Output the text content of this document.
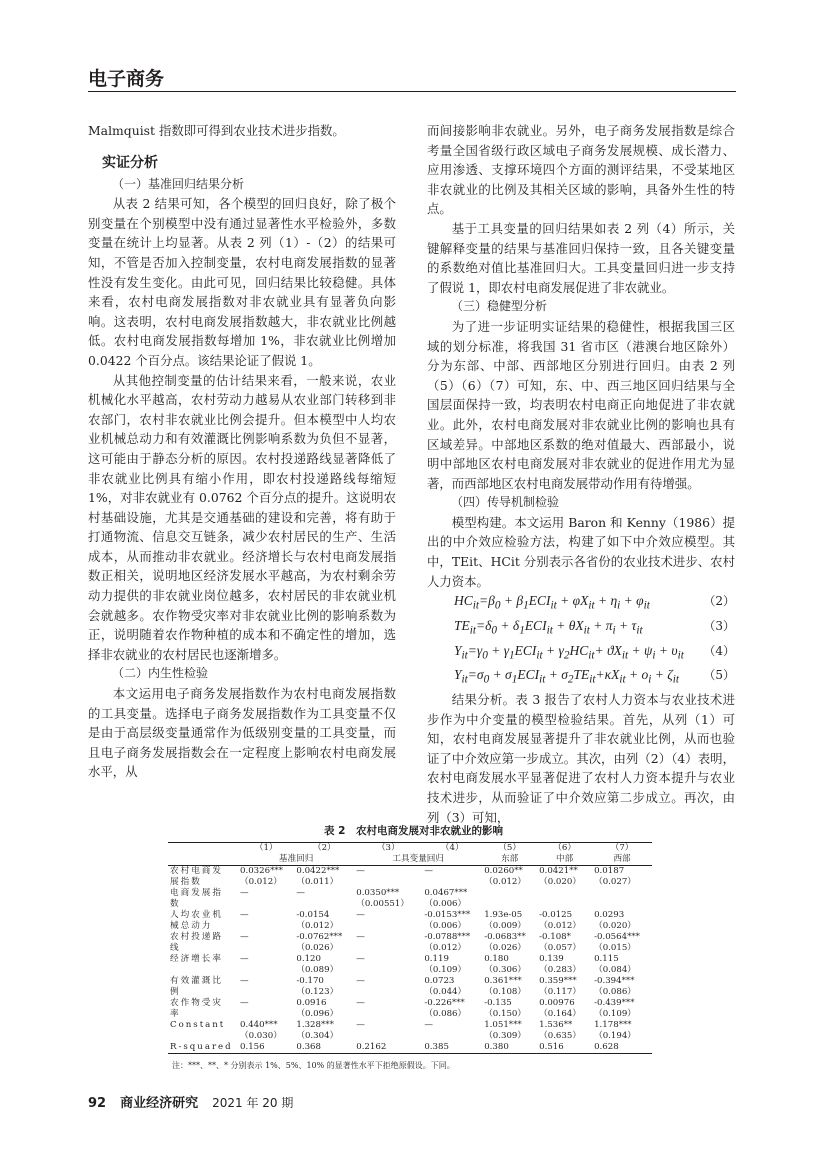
电子商务

Malmquist 指数即可得到农业技术进步指数。

实证分析

（一）基准回归结果分析

从表 2 结果可知，各个模型的回归良好，除了极个别变量在个别模型中没有通过显著性水平检验外，多数变量在统计上均显著。从表 2 列（1）-（2）的结果可知，不管是否加入控制变量，农村电商发展指数的显著性没有发生变化。由此可见，回归结果比较稳健。具体来看，农村电商发展指数对非农就业具有显著负向影响。这表明，农村电商发展指数越大，非农就业比例越低。农村电商发展指数每增加 1%，非农就业比例增加 0.0422 个百分点。该结果论证了假说 1。

从其他控制变量的估计结果来看，一般来说，农业机械化水平越高，农村劳动力越易从农业部门转移到非农部门，农村非农就业比例会提升。但本模型中人均农业机械总动力和有效灌溉比例影响系数为负但不显著，这可能由于静态分析的原因。农村投递路线显著降低了非农就业比例具有缩小作用，即农村投递路线每缩短 1%，对非农就业有 0.0762 个百分点的提升。这说明农村基础设施，尤其是交通基础的建设和完善，将有助于打通物流、信息交互链条，减少农村居民的生产、生活成本，从而推动非农就业。经济增长与农村电商发展指数正相关，说明地区经济发展水平越高，为农村剩余劳动力提供的非农就业岗位越多，农村居民的非农就业机会就越多。农作物受灾率对非农就业比例的影响系数为正，说明随着农作物种植的成本和不确定性的增加，选择非农就业的农村居民也逐渐增多。

（二）内生性检验

本文运用电子商务发展指数作为农村电商发展指数的工具变量。选择电子商务发展指数作为工具变量不仅是由于高层级变量通常作为低级别变量的工具变量，而且电子商务发展指数会在一定程度上影响农村电商发展水平，从

而间接影响非农就业。另外，电子商务发展指数是综合考量全国省级行政区域电子商务发展规模、成长潜力、应用渗透、支撑环境四个方面的测评结果，不受某地区非农就业的比例及其相关区域的影响，具备外生性的特点。

基于工具变量的回归结果如表 2 列（4）所示，关键解释变量的结果与基准回归保持一致，且各关键变量的系数绝对值比基准回归大。工具变量回归进一步支持了假说 1，即农村电商发展促进了非农就业。

（三）稳健型分析

为了进一步证明实证结果的稳健性，根据我国三区域的划分标准，将我国 31 省市区（港澳台地区除外）分为东部、中部、西部地区分别进行回归。由表 2 列（5）（6）（7）可知，东、中、西三地区回归结果与全国层面保持一致，均表明农村电商正向地促进了非农就业。此外，农村电商发展对非农就业比例的影响也具有区域差异。中部地区系数的绝对值最大、西部最小，说明中部地区农村电商发展对非农就业的促进作用尤为显著，而西部地区农村电商发展带动作用有待增强。

（四）传导机制检验

模型构建。本文运用 Baron 和 Kenny（1986）提出的中介效应检验方法，构建了如下中介效应模型。其中，TEit、HCit 分别表示各省份的农业技术进步、农村人力资本。

$HC_{it}=\beta_0 + \beta_1ECI_{it} + \varphi X_{it} + \eta_i + \varphi_{it}$	（2）
$TE_{it}=\delta_0 + \delta_1ECI_{it} + \theta X_{it} + \pi_i + \tau_{it}$	（3）
$Y_{it}=\gamma_0 + \gamma_1ECI_{it} + \gamma_2HC_{it}+ ϑX_{it} + \psi_i + \upsilon_{it}$ （4）
$Y_{it}=\sigma_0 + \sigma_1ECI_{it} + \sigma_2TE_{it}+\kappa X_{it} + o_i + \zeta_{it}$ （5）

结果分析。表 3 报告了农村人力资本与农业技术进步作为中介变量的模型检验结果。首先，从列（1）可知，农村电商发展显著提升了非农就业比例，从而也验证了中介效应第一步成立。其次，由列（2）（4）表明，农村电商发展水平显著促进了农村人力资本提升与农业技术进步，从而验证了中介效应第二步成立。再次，由列（3）可知，

表 2　农村电商发展对非农就业的影响
	（1）	（2）	（3）	（4）	（5）	（6）	（7）
	基准回归		工具变量回归		东部	中部	西部
农村电商发	0.0326***	0.0422***	—	—	0.0260**	0.0421**	0.0187
展指数	（0.012）	（0.011）			（0.012）	（0.020）	（0.027）
电商发展指	—	—	0.0350***	0.0467***			
数			（0.00551）	（0.006）			
人均农业机	—	-0.0154	—	-0.0153***	1.93e-05	-0.0125	0.0293
械总动力		（0.012）		（0.006）	（0.009）	（0.012）	（0.020）
农村投递路	—	-0.0762***	—	-0.0788***	-0.0683**	-0.108*	-0.0564***
线		（0.026）		（0.012）	（0.026）	（0.057）	（0.015）
经济增长率	—	0.120	—	0.119	0.180	0.139	0.115
		（0.089）		（0.109）	（0.306）	（0.283）	（0.084）
有效灌溉比	—	-0.170	—	0.0723	0.361***	0.359***	-0.394***
例		（0.123）		（0.044）	（0.108）	（0.117）	（0.086）
农作物受灾	—	0.0916	—	-0.226***	-0.135	0.00976	-0.439***
率		（0.096）		（0.086）	（0.150）	（0.164）	（0.109）
Constant	0.440***	1.328***	—	—	1.051***	1.536**	1.178***
	（0.030）	（0.304）			（0.309）	（0.635）	（0.194）
R-squared	0.156	0.368	0.2162	0.385	0.380	0.516	0.628
注：***、**、* 分别表示 1%、5%、10% 的显著性水平下拒绝原假设。下同。
92 商业经济研究 2021 年 20 期
